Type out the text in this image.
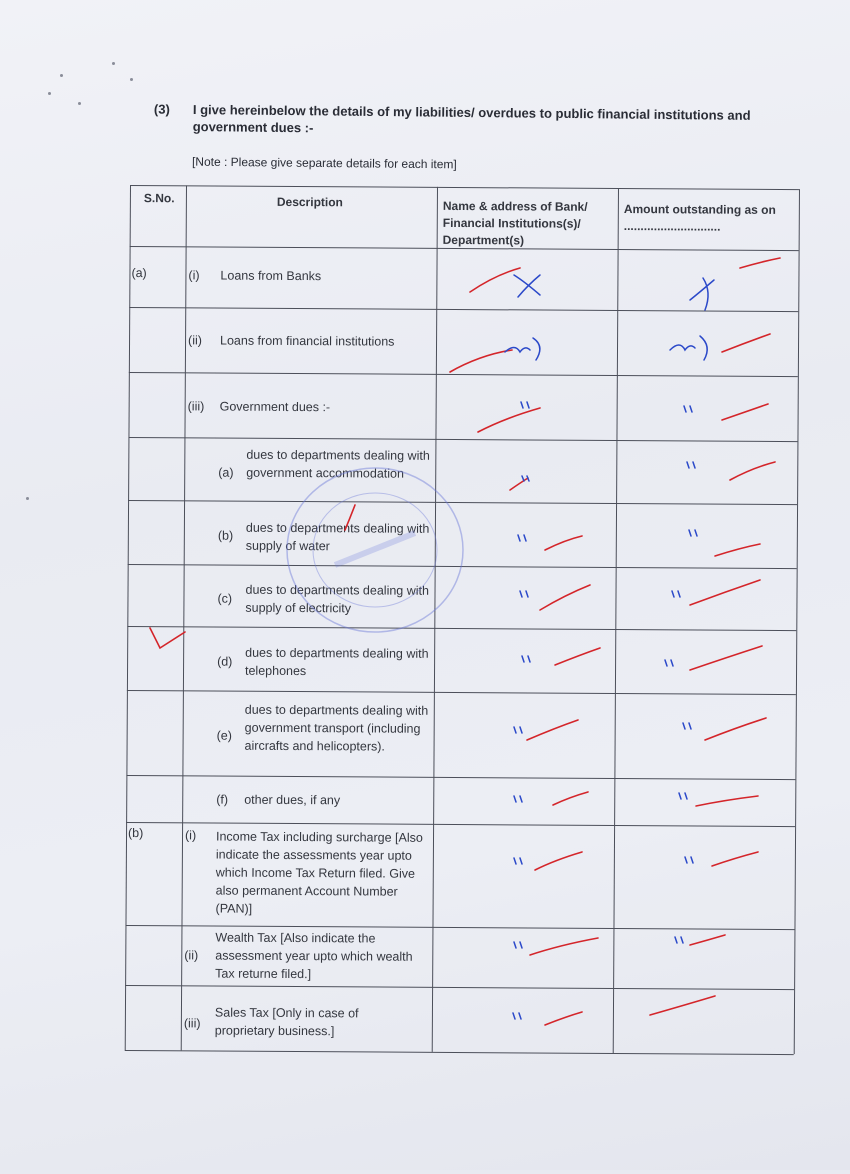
(3) I give hereinbelow the details of my liabilities/ overdues to public financial institutions and government dues :-
[Note : Please give separate details for each item]
S.No.	Description	Name & address of Bank/ Financial Institutions(s)/ Department(s)
Amount outstanding as on .............................
(a)
(b)
(i) Loans from Banks
(ii) Loans from financial institutions
(iii) Government dues :-
(a)
dues to departments dealing with government accommodation
(b) dues to departments dealing with supply of water
(c)
dues to departments dealing with supply of electricity
(d)
dues to departments dealing with telephones
(e)
dues to departments dealing with government transport (including aircrafts and helicopters).
(f) other dues, if any
(i) Income Tax including surcharge [Also indicate the assessments year upto which Income Tax Return filed. Give also permanent Account Number (PAN)]
(ii)
Wealth Tax [Also indicate the assessment year upto which wealth Tax returne filed.]
(iii)
Sales Tax [Only in case of proprietary business.]
